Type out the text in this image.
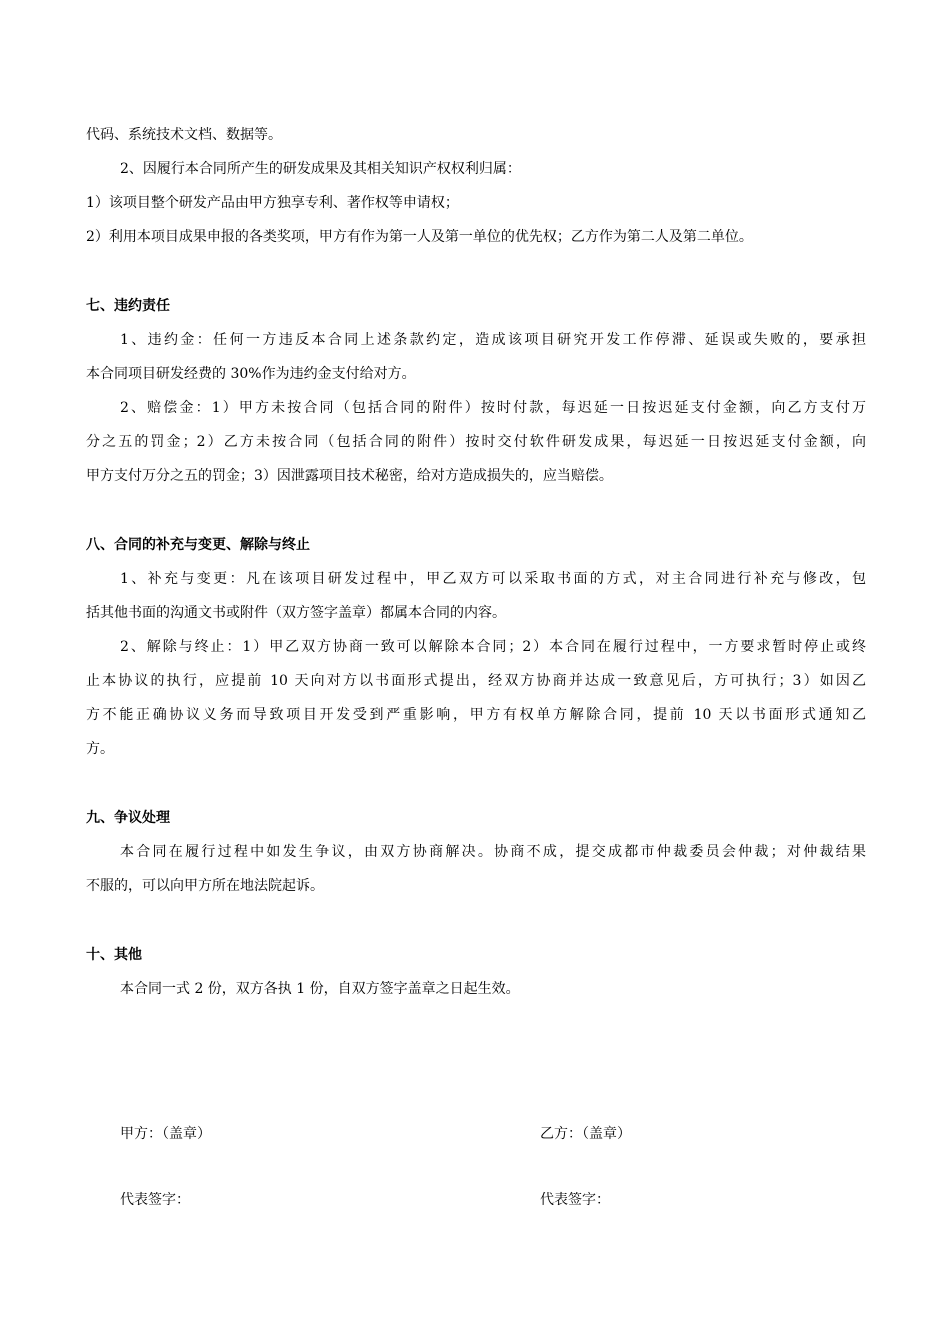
代码、系统技术文档、数据等。

2、因履行本合同所产生的研发成果及其相关知识产权权利归属：

1）该项目整个研发产品由甲方独享专利、著作权等申请权；

2）利用本项目成果申报的各类奖项，甲方有作为第一人及第一单位的优先权；乙方作为第二人及第二单位。

七、违约责任

1、违约金：任何一方违反本合同上述条款约定，造成该项目研究开发工作停滞、延误或失败的，要承担

本合同项目研发经费的 30%作为违约金支付给对方。

2、赔偿金：1）甲方未按合同（包括合同的附件）按时付款，每迟延一日按迟延支付金额，向乙方支付万

分之五的罚金；2）乙方未按合同（包括合同的附件）按时交付软件研发成果，每迟延一日按迟延支付金额，向

甲方支付万分之五的罚金；3）因泄露项目技术秘密，给对方造成损失的，应当赔偿。

八、合同的补充与变更、解除与终止

1、补充与变更：凡在该项目研发过程中，甲乙双方可以采取书面的方式，对主合同进行补充与修改，包

括其他书面的沟通文书或附件（双方签字盖章）都属本合同的内容。

2、解除与终止：1）甲乙双方协商一致可以解除本合同；2）本合同在履行过程中，一方要求暂时停止或终

止本协议的执行，应提前 10 天向对方以书面形式提出，经双方协商并达成一致意见后，方可执行；3）如因乙

方不能正确协议义务而导致项目开发受到严重影响，甲方有权单方解除合同，提前 10 天以书面形式通知乙

方。

九、争议处理

本合同在履行过程中如发生争议，由双方协商解决。协商不成，提交成都市仲裁委员会仲裁；对仲裁结果

不服的，可以向甲方所在地法院起诉。

十、其他

本合同一式 2 份，双方各执 1 份，自双方签字盖章之日起生效。

甲方：（盖章）	乙方：（盖章）
代表签字：	代表签字：
